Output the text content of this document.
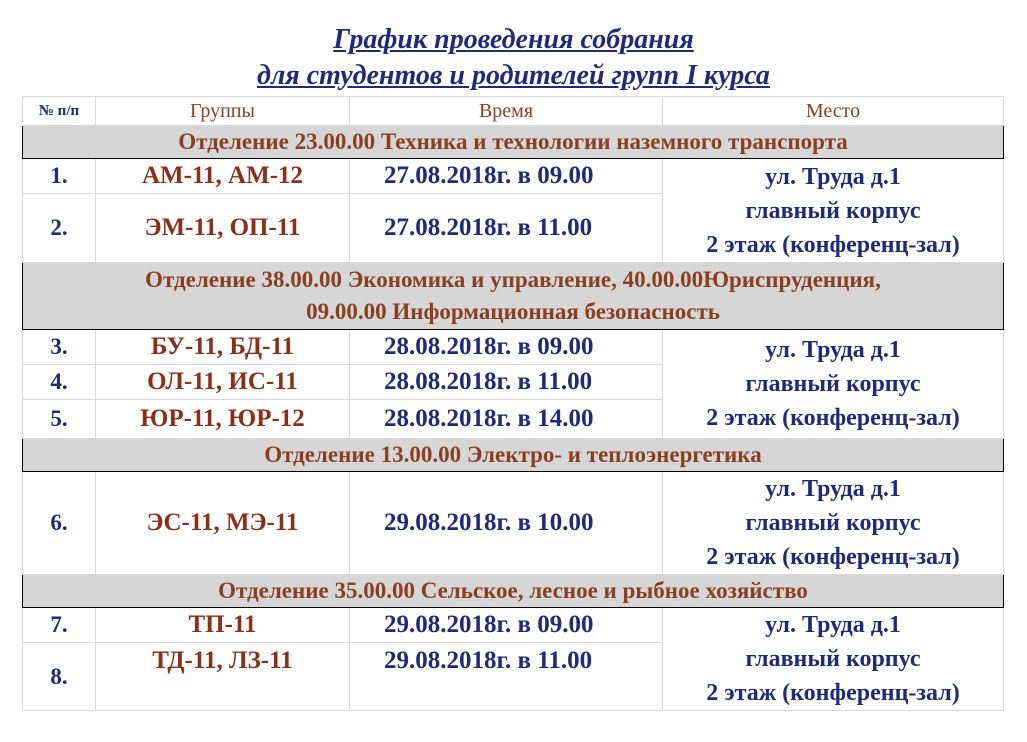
График проведения собрания
для студентов и родителей групп I курса
№ п/п	Группы	Время	Место
Отделение 23.00.00 Техника и технологии наземного транспорта			
1.	АМ-11, АМ-12	27.08.2018г. в 09.00	ул. Труда д.1
главный корпус
2 этаж (конференц-зал)

2.	ЭМ-11, ОП-11	27.08.2018г. в 11.00	

Отделение 38.00.00 Экономика и управление, 40.00.00Юриспруденция,
09.00.00 Информационная безопасность			

3.	БУ-11, БД-11	28.08.2018г. в 09.00	ул. Труда д.1
главный корпус
2 этаж (конференц-зал)

4.	ОЛ-11, ИС-11	28.08.2018г. в 11.00	
5.	ЮР-11, ЮР-12	28.08.2018г. в 14.00	
Отделение 13.00.00 Электро- и теплоэнергетика			
6.	ЭС-11, МЭ-11	29.08.2018г. в 10.00	ул. Труда д.1
главный корпус
2 этаж (конференц-зал)

Отделение 35.00.00 Сельское, лесное и рыбное хозяйство			
7.	ТП-11	29.08.2018г. в 09.00	ул. Труда д.1
главный корпус
2 этаж (конференц-зал)

8.	ТД-11, ЛЗ-11	29.08.2018г. в 11.00	
